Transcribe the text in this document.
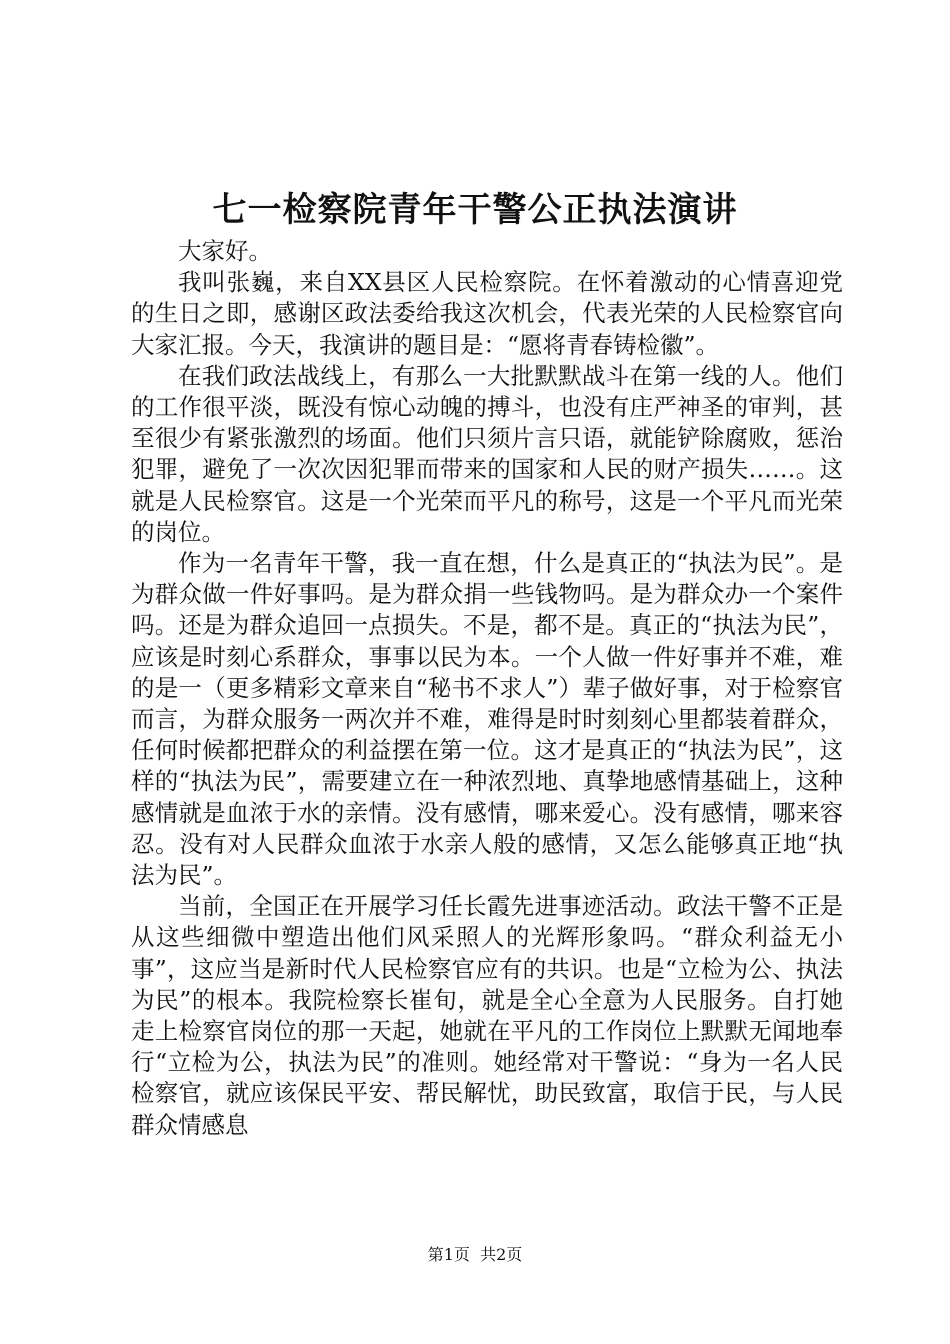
七一检察院青年干警公正执法演讲

大家好。

我叫张巍，来自XX县区人民检察院。在怀着激动的心情喜迎党的生日之即，感谢区政法委给我这次机会，代表光荣的人民检察官向大家汇报。今天，我演讲的题目是：“愿将青春铸检徽”。

在我们政法战线上，有那么一大批默默战斗在第一线的人。他们的工作很平淡，既没有惊心动魄的搏斗，也没有庄严神圣的审判，甚至很少有紧张激烈的场面。他们只须片言只语，就能铲除腐败，惩治犯罪，避免了一次次因犯罪而带来的国家和人民的财产损失……。这就是人民检察官。这是一个光荣而平凡的称号，这是一个平凡而光荣的岗位。

作为一名青年干警，我一直在想，什么是真正的“执法为民”。是为群众做一件好事吗。是为群众捐一些钱物吗。是为群众办一个案件吗。还是为群众追回一点损失。不是，都不是。真正的“执法为民”，应该是时刻心系群众，事事以民为本。一个人做一件好事并不难，难的是一（更多精彩文章来自“秘书不求人”）辈子做好事，对于检察官而言，为群众服务一两次并不难，难得是时时刻刻心里都装着群众，任何时候都把群众的利益摆在第一位。这才是真正的“执法为民”，这样的“执法为民”，需要建立在一种浓烈地、真挚地感情基础上，这种感情就是血浓于水的亲情。没有感情，哪来爱心。没有感情，哪来容忍。没有对人民群众血浓于水亲人般的感情，又怎么能够真正地“执法为民”。

当前，全国正在开展学习任长霞先进事迹活动。政法干警不正是从这些细微中塑造出他们风采照人的光辉形象吗。“群众利益无小事”，这应当是新时代人民检察官应有的共识。也是“立检为公、执法为民”的根本。我院检察长崔旬，就是全心全意为人民服务。自打她走上检察官岗位的那一天起，她就在平凡的工作岗位上默默无闻地奉行“立检为公，执法为民”的准则。她经常对干警说：“身为一名人民检察官，就应该保民平安、帮民解忧，助民致富，取信于民，与人民群众情感息

第1页  共2页
